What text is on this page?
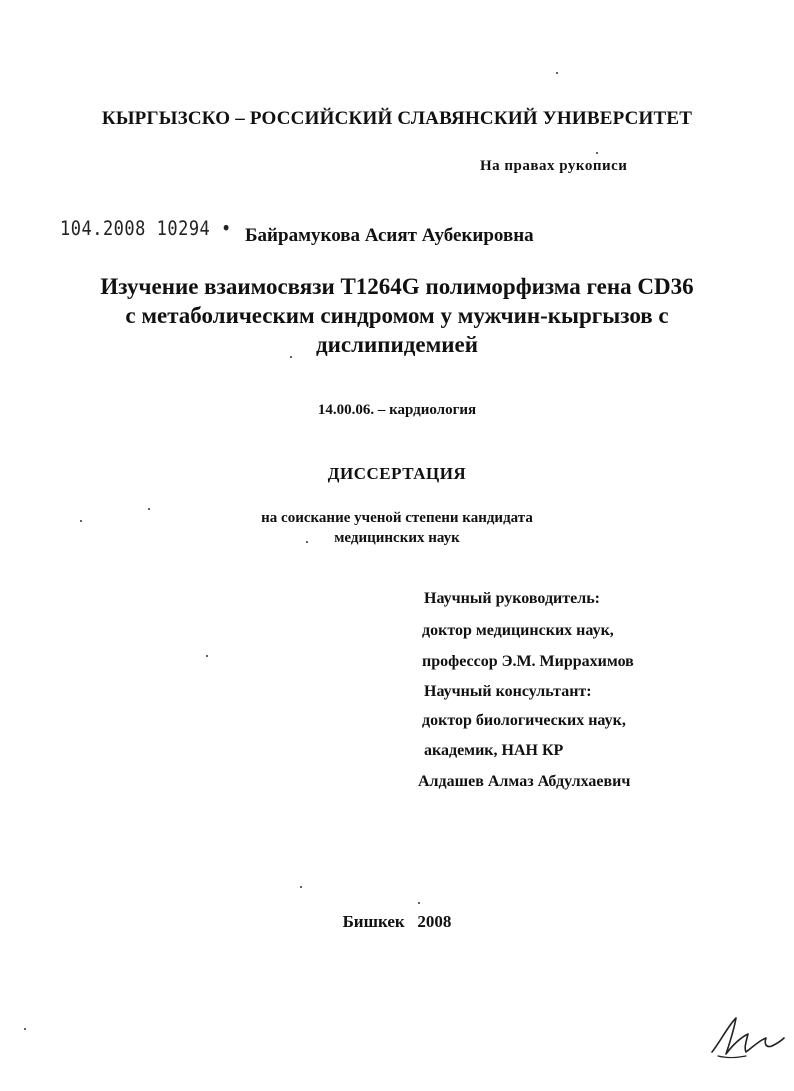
КЫРГЫЗСКО – РОССИЙСКИЙ СЛАВЯНСКИЙ УНИВЕРСИТЕТ
На правах рукописи
104.2008 10294 • Байрамукова Асият Аубекировна
Изучение взаимосвязи T1264G полиморфизма гена CD36
с метаболическим синдромом у мужчин-кыргызов с
дислипидемией
14.00.06. – кардиология
ДИССЕРТАЦИЯ
на соискание ученой степени кандидата
медицинских наук
Научный руководитель:
доктор медицинских наук,
профессор Э.М. Миррахимов
Научный консультант:
доктор биологических наук,
академик, НАН КР
Алдашев Алмаз Абдулхаевич
Бишкек 2008
